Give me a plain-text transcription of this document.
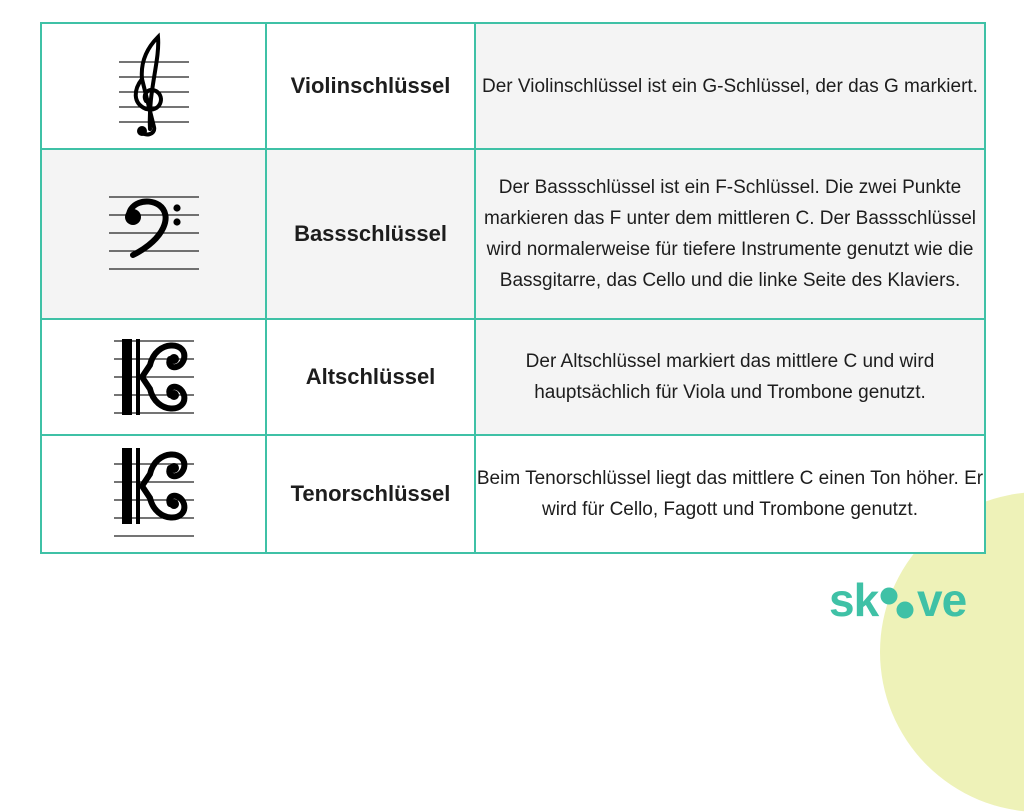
	Violinschlüssel	Der Violinschlüssel ist ein G-Schlüssel, der das G markiert.
	Bassschlüssel	Der Bassschlüssel ist ein F-Schlüssel. Die zwei Punkte markieren das F unter dem mittleren C. Der Bassschlüssel wird normalerweise für tiefere Instrumente genutzt wie die Bassgitarre, das Cello und die linke Seite des Klaviers.
	Altschlüssel	Der Altschlüssel markiert das mittlere C und wird hauptsächlich für Viola und Trombone genutzt.
	Tenorschlüssel	Beim Tenorschlüssel liegt das mittlere C einen Ton höher. Er wird für Cello, Fagott und Trombone genutzt.
sk ve
